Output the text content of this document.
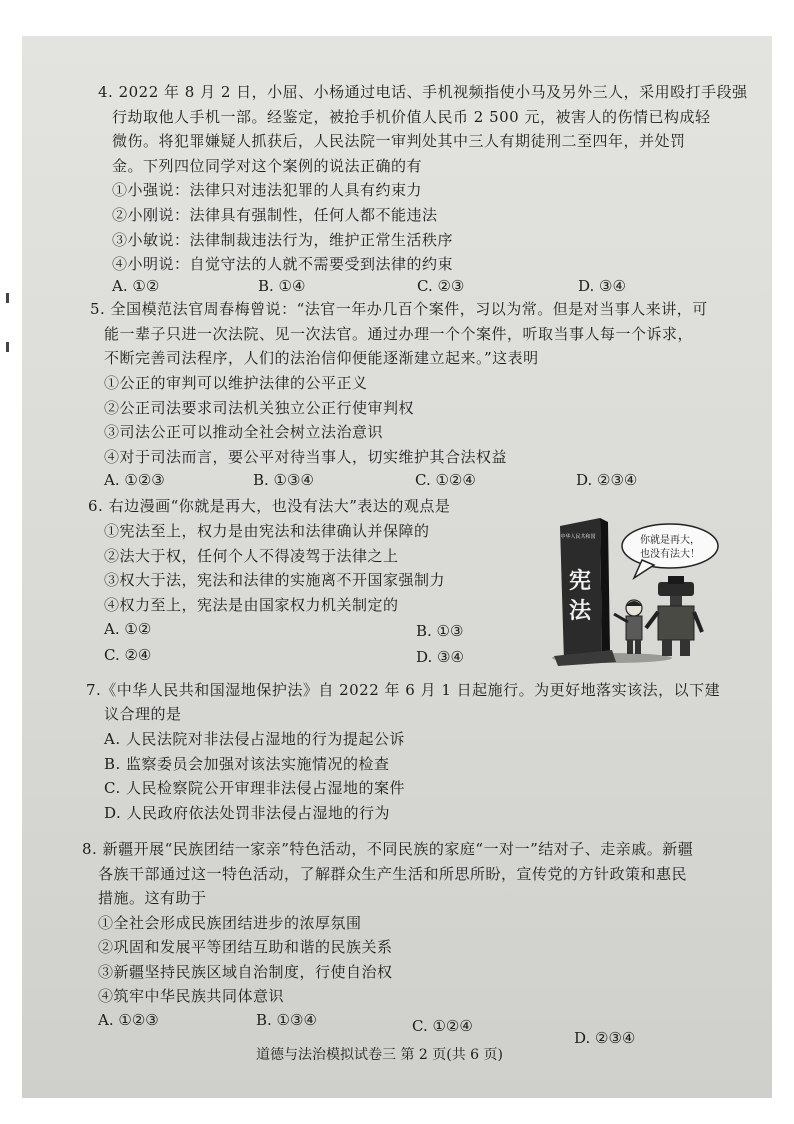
4. 2022 年 8 月 2 日，小屈、小杨通过电话、手机视频指使小马及另外三人，采用殴打手段强
行劫取他人手机一部。经鉴定，被抢手机价值人民币 2 500 元，被害人的伤情已构成轻
微伤。将犯罪嫌疑人抓获后，人民法院一审判处其中三人有期徒刑二至四年，并处罚
金。下列四位同学对这个案例的说法正确的有
①小强说：法律只对违法犯罪的人具有约束力
②小刚说：法律具有强制性，任何人都不能违法
③小敏说：法律制裁违法行为，维护正常生活秩序
④小明说：自觉守法的人就不需要受到法律的约束
A. ①②	B. ①④	C. ②③	D. ③④
5. 全国模范法官周春梅曾说：“法官一年办几百个案件，习以为常。但是对当事人来讲，可
能一辈子只进一次法院、见一次法官。通过办理一个个案件，听取当事人每一个诉求，
不断完善司法程序，人们的法治信仰便能逐渐建立起来。”这表明
①公正的审判可以维护法律的公平正义
②公正司法要求司法机关独立公正行使审判权
③司法公正可以推动全社会树立法治意识
④对于司法而言，要公平对待当事人，切实维护其合法权益
A. ①②③	B. ①③④	C. ①②④	D. ②③④
6. 右边漫画“你就是再大，也没有法大”表达的观点是
①宪法至上，权力是由宪法和法律确认并保障的
②法大于权，任何个人不得凌驾于法律之上
③权大于法，宪法和法律的实施离不开国家强制力
④权力至上，宪法是由国家权力机关制定的
A. ①②	B. ①③
C. ②④	D. ③④
中华人民共和国
宪
法
你就是再大，
也没有法大！
7.《中华人民共和国湿地保护法》自 2022 年 6 月 1 日起施行。为更好地落实该法，以下建
议合理的是
A. 人民法院对非法侵占湿地的行为提起公诉
B. 监察委员会加强对该法实施情况的检查
C. 人民检察院公开审理非法侵占湿地的案件
D. 人民政府依法处罚非法侵占湿地的行为
8. 新疆开展“民族团结一家亲”特色活动，不同民族的家庭“一对一”结对子、走亲戚。新疆
各族干部通过这一特色活动，了解群众生产生活和所思所盼，宣传党的方针政策和惠民
措施。这有助于
①全社会形成民族团结进步的浓厚氛围
②巩固和发展平等团结互助和谐的民族关系
③新疆坚持民族区域自治制度，行使自治权
④筑牢中华民族共同体意识
A. ①②③	B. ①③④	C. ①②④
D. ②③④
道德与法治模拟试卷三 第 2 页(共 6 页)
